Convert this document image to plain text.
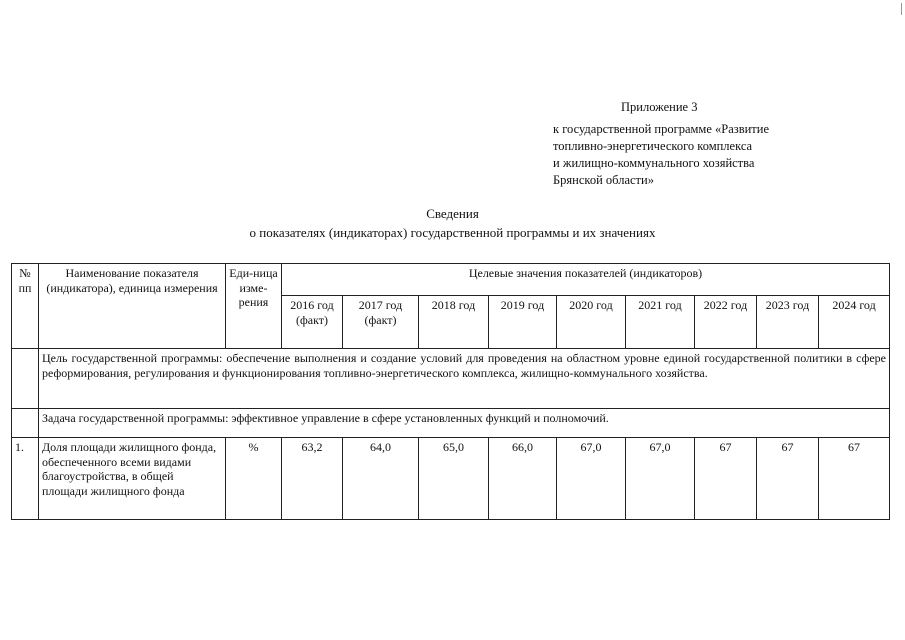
Приложение 3
к государственной программе «Развитие
топливно-энергетического комплекса
и жилищно-коммунального хозяйства
Брянской области»
Сведения
о показателях (индикаторах) государственной программы и их значениях
№ пп	Наименование показателя (индикатора), единица измерения	Еди-ница изме-рения	Целевые значения показателей (индикаторов)								
			2016 год (факт)	2017 год (факт)	2018 год	2019 год	2020 год	2021 год	2022 год	2023 год	2024 год
	Цель государственной программы: обеспечение выполнения и создание условий для проведения на областном уровне единой государственной политики в сфере реформирования, регулирования и функционирования топливно-энергетического комплекса, жилищно-коммунального хозяйства.										
	Задача государственной программы: эффективное управление в сфере установленных функций и полномочий.										
1.	Доля площади жилищного фонда, обеспеченного всеми видами благоустройства, в общей площади жилищного фонда	%	63,2	64,0	65,0	66,0	67,0	67,0	67	67	67
